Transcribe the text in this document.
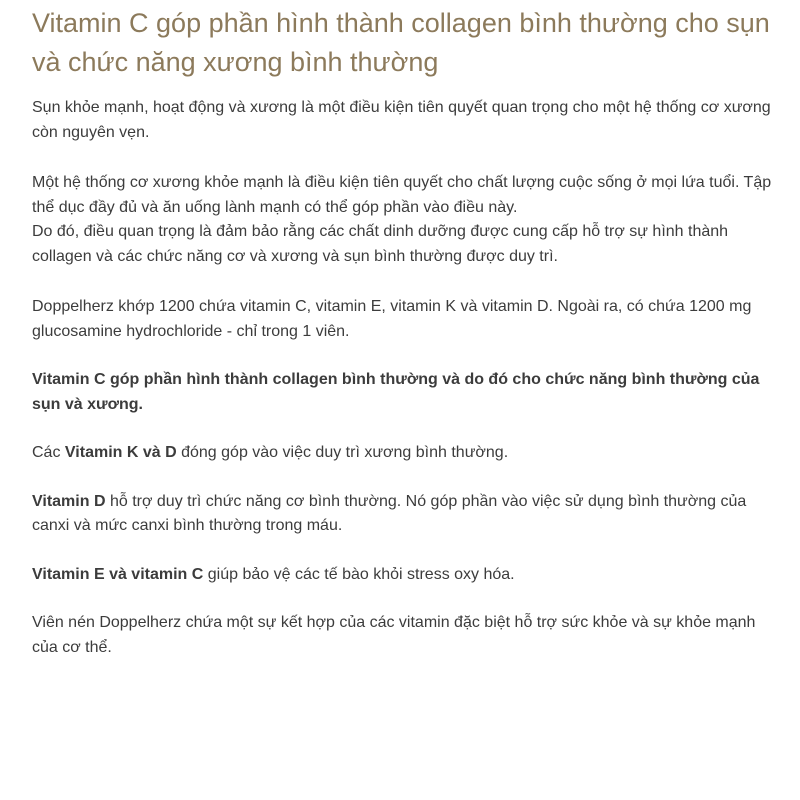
Vitamin C góp phần hình thành collagen bình thường cho sụn và chức năng xương bình thường

Sụn khỏe mạnh, hoạt động và xương là một điều kiện tiên quyết quan trọng cho một hệ thống cơ xương còn nguyên vẹn.

Một hệ thống cơ xương khỏe mạnh là điều kiện tiên quyết cho chất lượng cuộc sống ở mọi lứa tuổi. Tập thể dục đầy đủ và ăn uống lành mạnh có thể góp phần vào điều này.

Do đó, điều quan trọng là đảm bảo rằng các chất dinh dưỡng được cung cấp hỗ trợ sự hình thành collagen và các chức năng cơ và xương và sụn bình thường được duy trì.

Doppelherz khớp 1200 chứa vitamin C, vitamin E, vitamin K và vitamin D. Ngoài ra, có chứa 1200 mg glucosamine hydrochloride - chỉ trong 1 viên.

Vitamin C góp phần hình thành collagen bình thường và do đó cho chức năng bình thường của sụn và xương.

Các Vitamin K và D đóng góp vào việc duy trì xương bình thường.

Vitamin D hỗ trợ duy trì chức năng cơ bình thường. Nó góp phần vào việc sử dụng bình thường của canxi và mức canxi bình thường trong máu.

Vitamin E và vitamin C giúp bảo vệ các tế bào khỏi stress oxy hóa.

Viên nén Doppelherz chứa một sự kết hợp của các vitamin đặc biệt hỗ trợ sức khỏe và sự khỏe mạnh của cơ thể.
